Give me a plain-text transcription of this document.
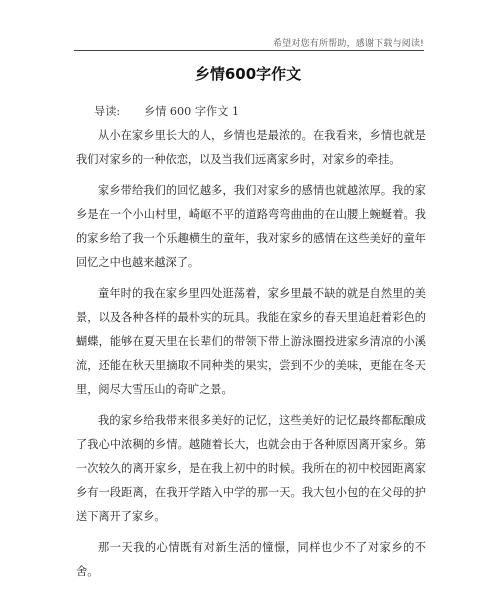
希望对您有所帮助，感谢下载与阅读!
乡情600字作文
导读: 乡情 600 字作文 1

从小在家乡里长大的人，乡情也是最浓的。在我看来，乡情也就是我们对家乡的一种依恋，以及当我们远离家乡时，对家乡的牵挂。

家乡带给我们的回忆越多，我们对家乡的感情也就越浓厚。我的家乡是在一个小山村里，崎岖不平的道路弯弯曲曲的在山腰上蜿蜒着。我的家乡给了我一个乐趣横生的童年，我对家乡的感情在这些美好的童年回忆之中也越来越深了。

童年时的我在家乡里四处逛荡着，家乡里最不缺的就是自然里的美景，以及各种各样的最朴实的玩具。我能在家乡的春天里追赶着彩色的蝴蝶，能够在夏天里在长辈们的带领下带上游泳圈投进家乡清凉的小溪流，还能在秋天里摘取不同种类的果实，尝到不少的美味，更能在冬天里，阅尽大雪压山的奇旷之景。

我的家乡给我带来很多美好的记忆，这些美好的记忆最终都酝酿成了我心中浓稠的乡情。越随着长大，也就会由于各种原因离开家乡。第一次较久的离开家乡，是在我上初中的时候。我所在的初中校园距离家乡有一段距离，在我开学踏入中学的那一天。我大包小包的在父母的护送下离开了家乡。

那一天我的心情既有对新生活的憧憬，同样也少不了对家乡的不舍。
